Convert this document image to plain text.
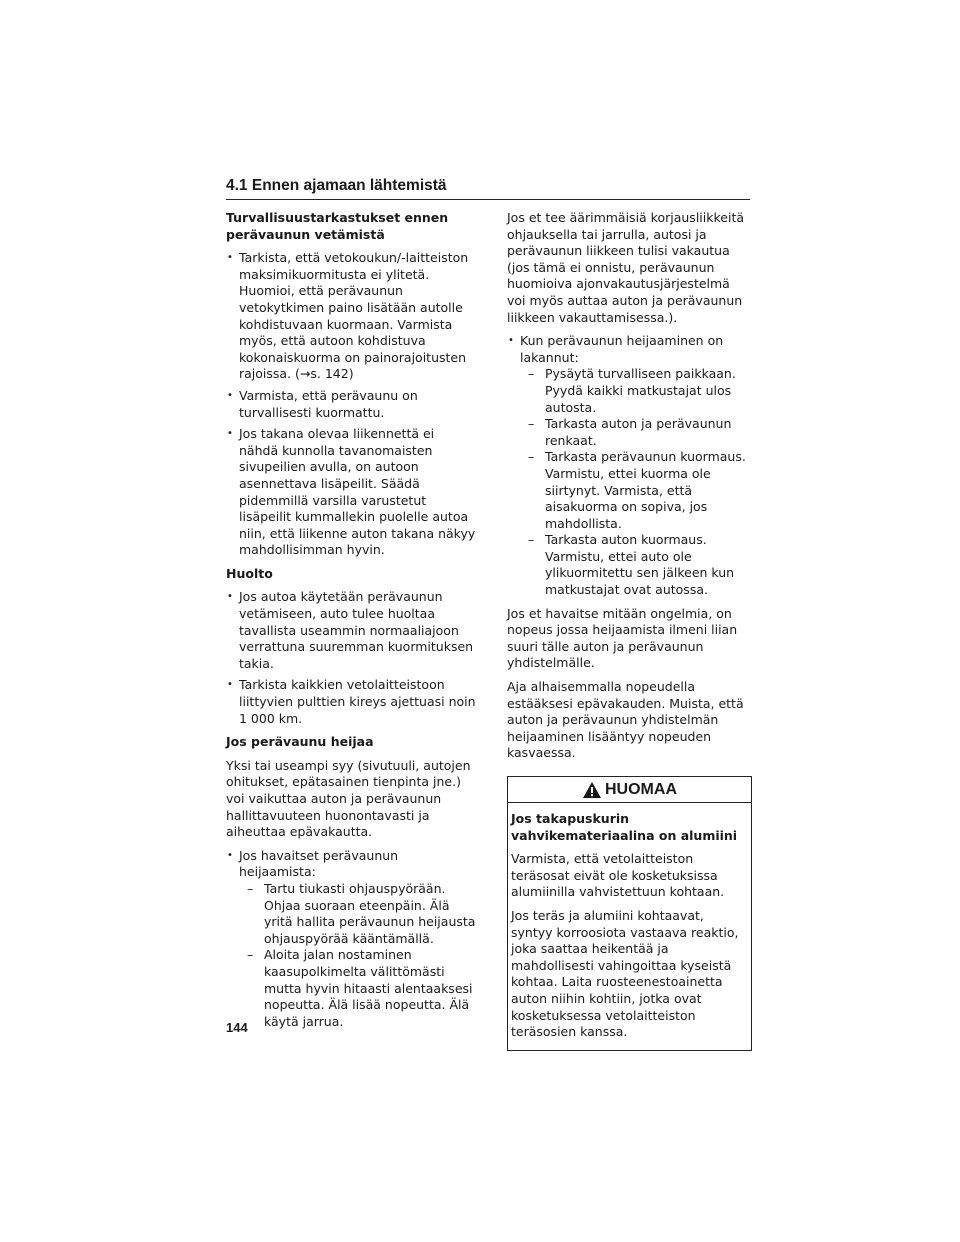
4.1 Ennen ajamaan lähtemistä
Turvallisuustarkastukset ennen perävaunun vetämistä
• Tarkista, että vetokoukun/-laitteiston maksimikuormitusta ei ylitetä. Huomioi, että perävaunun vetokytkimen paino lisätään autolle kohdistuvaan kuormaan. Varmista myös, että autoon kohdistuva kokonaiskuorma on painorajoitusten rajoissa. (→s. 142)
• Varmista, että perävaunu on turvallisesti kuormattu.
• Jos takana olevaa liikennettä ei nähdä kunnolla tavanomaisten sivupeilien avulla, on autoon asennettava lisäpeilit. Säädä pidemmillä varsilla varustetut lisäpeilit kummallekin puolelle autoa niin, että liikenne auton takana näkyy mahdollisimman hyvin.
Huolto
• Jos autoa käytetään perävaunun vetämiseen, auto tulee huoltaa tavallista useammin normaaliajoon verrattuna suuremman kuormituksen takia.
• Tarkista kaikkien vetolaitteistoon liittyvien pulttien kireys ajettuasi noin 1 000 km.
Jos perävaunu heijaa

Yksi tai useampi syy (sivutuuli, autojen ohitukset, epätasainen tienpinta jne.) voi vaikuttaa auton ja perävaunun hallittavuuteen huonontavasti ja aiheuttaa epävakautta.

• Jos havaitset perävaunun heijaamista:
– Tartu tiukasti ohjauspyörään. Ohjaa suoraan eteenpäin. Älä yritä hallita perävaunun heijausta ohjauspyörää kääntämällä.
– Aloita jalan nostaminen kaasupolkimelta välittömästi mutta hyvin hitaasti alentaaksesi nopeutta. Älä lisää nopeutta. Älä käytä jarrua.

Jos et tee äärimmäisiä korjausliikkeitä ohjauksella tai jarrulla, autosi ja perävaunun liikkeen tulisi vakautua (jos tämä ei onnistu, perävaunun huomioiva ajonvakautusjärjestelmä voi myös auttaa auton ja perävaunun liikkeen vakauttamisessa.).

• Kun perävaunun heijaaminen on lakannut:
– Pysäytä turvalliseen paikkaan. Pyydä kaikki matkustajat ulos autosta.
– Tarkasta auton ja perävaunun renkaat.
– Tarkasta perävaunun kuormaus. Varmistu, ettei kuorma ole siirtynyt. Varmista, että aisakuorma on sopiva, jos mahdollista.
– Tarkasta auton kuormaus. Varmistu, ettei auto ole ylikuormitettu sen jälkeen kun matkustajat ovat autossa.

Jos et havaitse mitään ongelmia, on nopeus jossa heijaamista ilmeni liian suuri tälle auton ja perävaunun yhdistelmälle.

Aja alhaisemmalla nopeudella estääksesi epävakauden. Muista, että auton ja perävaunun yhdistelmän heijaaminen lisääntyy nopeuden kasvaessa.

HUOMAA
Jos takapuskurin vahvikemateriaalina on alumiini

Varmista, että vetolaitteiston teräsosat eivät ole kosketuksissa alumiinilla vahvistettuun kohtaan.

Jos teräs ja alumiini kohtaavat, syntyy korroosiota vastaava reaktio, joka saattaa heikentää ja mahdollisesti vahingoittaa kyseistä kohtaa. Laita ruosteenestoainetta auton niihin kohtiin, jotka ovat kosketuksessa vetolaitteiston teräsosien kanssa.

144
